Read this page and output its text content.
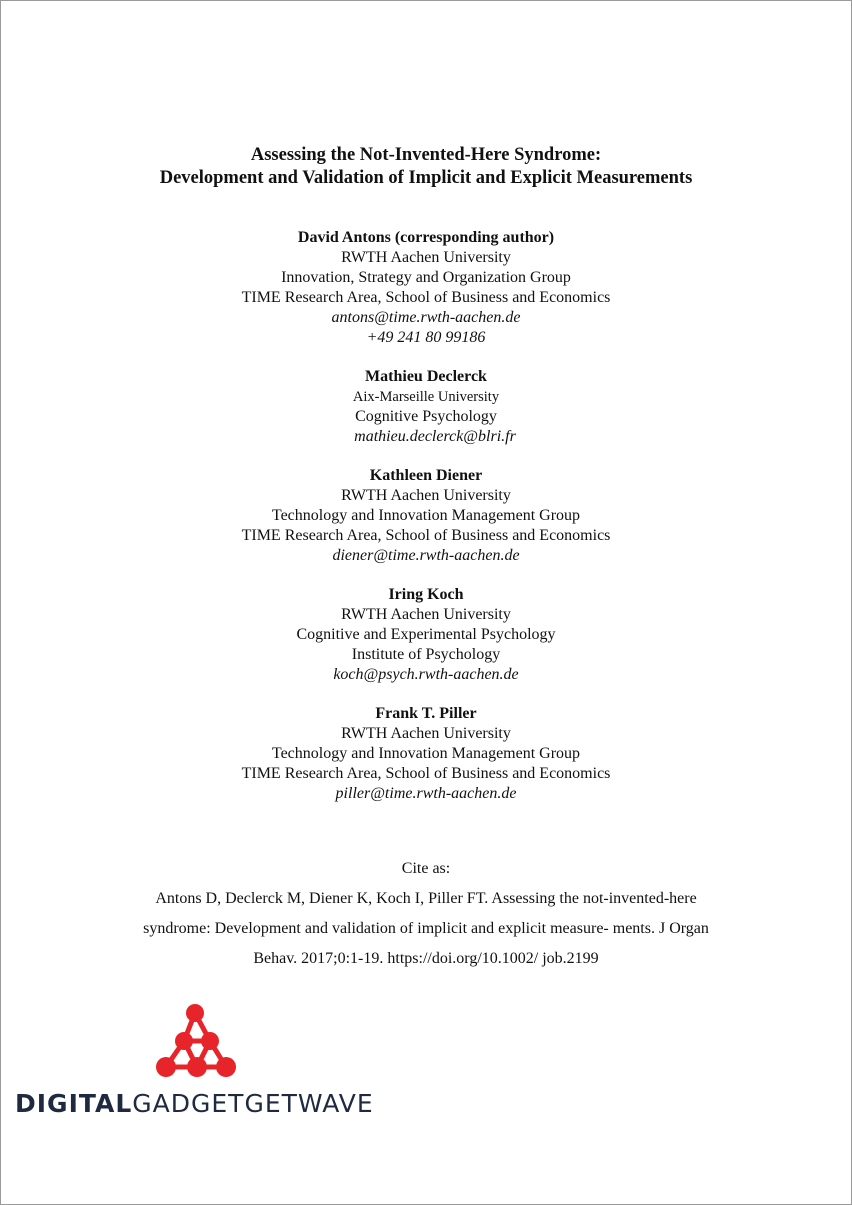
Assessing the Not-Invented-Here Syndrome:
Development and Validation of Implicit and Explicit Measurements
David Antons (corresponding author)
RWTH Aachen University
Innovation, Strategy and Organization Group
TIME Research Area, School of Business and Economics
antons@time.rwth-aachen.de
+49 241 80 99186
Mathieu Declerck
Aix-Marseille University
Cognitive Psychology
mathieu.declerck@blri.fr
Kathleen Diener
RWTH Aachen University
Technology and Innovation Management Group
TIME Research Area, School of Business and Economics
diener@time.rwth-aachen.de
Iring Koch
RWTH Aachen University
Cognitive and Experimental Psychology
Institute of Psychology
koch@psych.rwth-aachen.de
Frank T. Piller
RWTH Aachen University
Technology and Innovation Management Group
TIME Research Area, School of Business and Economics
piller@time.rwth-aachen.de
Cite as:
Antons D, Declerck M, Diener K, Koch I, Piller FT. Assessing the not-invented-here
syndrome: Development and validation of implicit and explicit measure- ments. J Organ
Behav. 2017;0:1-19. https://doi.org/10.1002/ job.2199
DIGITALGADGETGETWAVE
